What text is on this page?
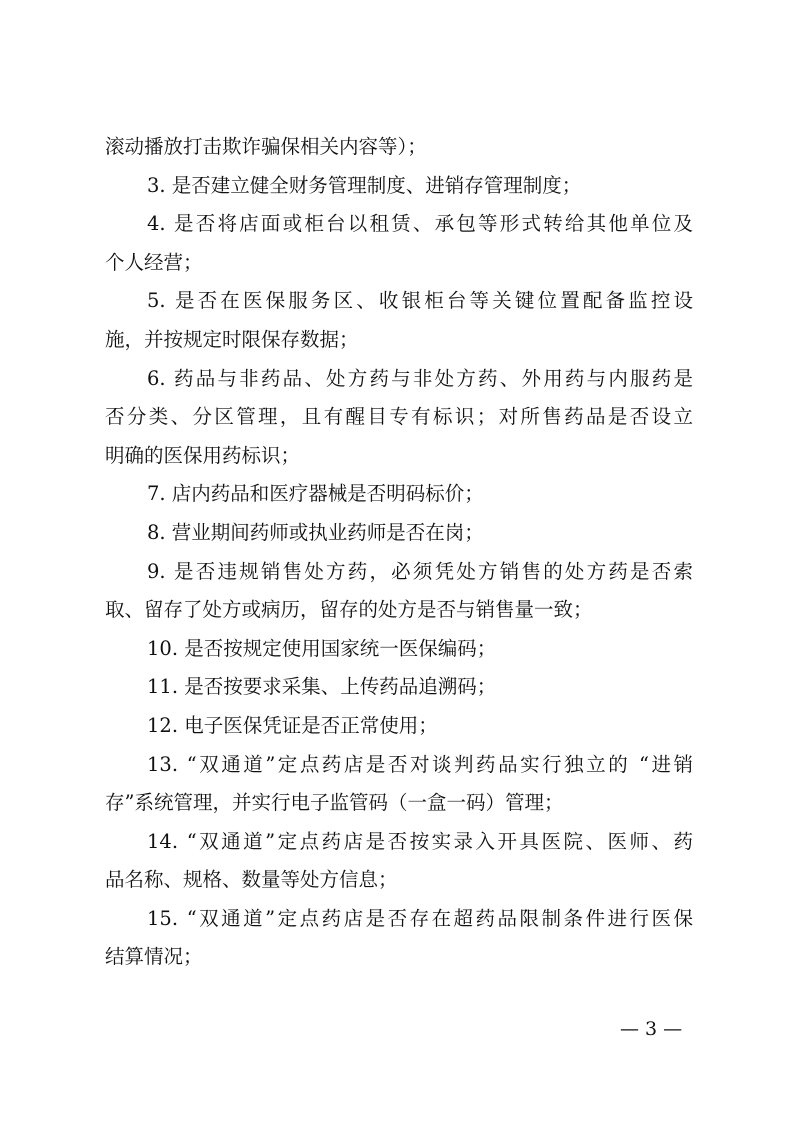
滚动播放打击欺诈骗保相关内容等）；
3. 是否建立健全财务管理制度、进销存管理制度；
4. 是否将店面或柜台以租赁、承包等形式转给其他单位及
个人经营；
5. 是否在医保服务区、收银柜台等关键位置配备监控设
施，并按规定时限保存数据；
6. 药品与非药品、处方药与非处方药、外用药与内服药是
否分类、分区管理，且有醒目专有标识；对所售药品是否设立
明确的医保用药标识；
7. 店内药品和医疗器械是否明码标价；
8. 营业期间药师或执业药师是否在岗；
9. 是否违规销售处方药，必须凭处方销售的处方药是否索
取、留存了处方或病历，留存的处方是否与销售量一致；
10. 是否按规定使用国家统一医保编码；
11. 是否按要求采集、上传药品追溯码；
12. 电子医保凭证是否正常使用；
13. “双通道”定点药店是否对谈判药品实行独立的 “进销
存”系统管理，并实行电子监管码（一盒一码）管理；
14. “双通道”定点药店是否按实录入开具医院、医师、药
品名称、规格、数量等处方信息；
15. “双通道”定点药店是否存在超药品限制条件进行医保
结算情况；
— 3 —
